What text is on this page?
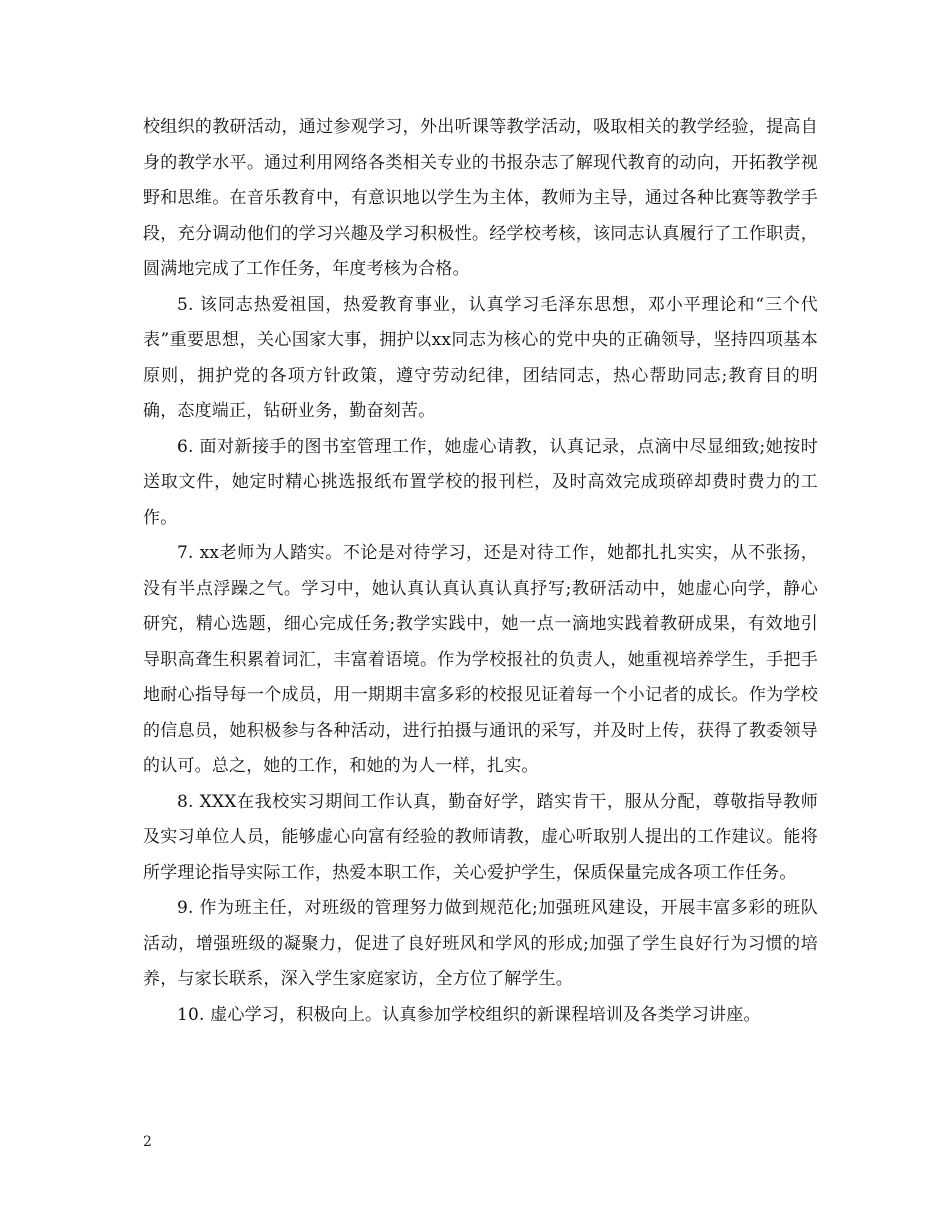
校组织的教研活动，通过参观学习，外出听课等教学活动，吸取相关的教学经验，提高自身的教学水平。通过利用网络各类相关专业的书报杂志了解现代教育的动向，开拓教学视野和思维。在音乐教育中，有意识地以学生为主体，教师为主导，通过各种比赛等教学手段，充分调动他们的学习兴趣及学习积极性。经学校考核，该同志认真履行了工作职责，圆满地完成了工作任务，年度考核为合格。

5. 该同志热爱祖国，热爱教育事业，认真学习毛泽东思想，邓小平理论和“三个代表”重要思想，关心国家大事，拥护以xx同志为核心的党中央的正确领导，坚持四项基本原则，拥护党的各项方针政策，遵守劳动纪律，团结同志，热心帮助同志;教育目的明确，态度端正，钻研业务，勤奋刻苦。

6. 面对新接手的图书室管理工作，她虚心请教，认真记录，点滴中尽显细致;她按时送取文件，她定时精心挑选报纸布置学校的报刊栏，及时高效完成琐碎却费时费力的工作。

7. xx老师为人踏实。不论是对待学习，还是对待工作，她都扎扎实实，从不张扬，没有半点浮躁之气。学习中，她认真认真认真认真抒写;教研活动中，她虚心向学，静心研究，精心选题，细心完成任务;教学实践中，她一点一滴地实践着教研成果，有效地引导职高聋生积累着词汇，丰富着语境。作为学校报社的负责人，她重视培养学生，手把手地耐心指导每一个成员，用一期期丰富多彩的校报见证着每一个小记者的成长。作为学校的信息员，她积极参与各种活动，进行拍摄与通讯的采写，并及时上传，获得了教委领导的认可。总之，她的工作，和她的为人一样，扎实。

8. XXX在我校实习期间工作认真，勤奋好学，踏实肯干，服从分配，尊敬指导教师及实习单位人员，能够虚心向富有经验的教师请教，虚心听取别人提出的工作建议。能将所学理论指导实际工作，热爱本职工作，关心爱护学生，保质保量完成各项工作任务。

9. 作为班主任，对班级的管理努力做到规范化;加强班风建设，开展丰富多彩的班队活动，增强班级的凝聚力，促进了良好班风和学风的形成;加强了学生良好行为习惯的培养，与家长联系，深入学生家庭家访，全方位了解学生。

10. 虚心学习，积极向上。认真参加学校组织的新课程培训及各类学习讲座。

2
